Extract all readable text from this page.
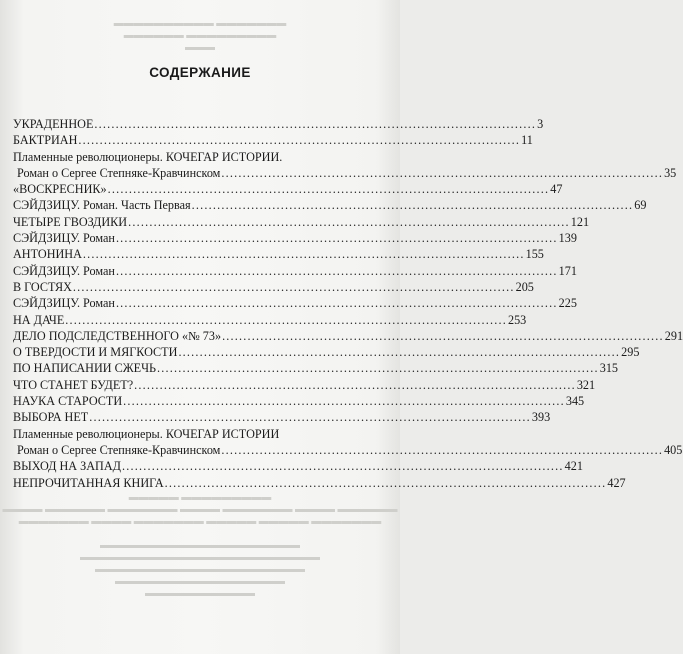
▬▬▬▬▬▬▬▬▬▬ ▬▬▬▬▬▬▬
▬▬▬▬▬▬ ▬▬▬▬▬▬▬▬▬
▬▬▬
СОДЕРЖАНИЕ
УКРАДЕННОЕ ........................................................................................................ 3
БАКТРИАН ........................................................................................................ 11
Пламенные революционеры. КОЧЕГАР ИСТОРИИ.
Роман о Сергее Степняке-Кравчинском ........................................................................................................ 35
«ВОСКРЕСНИК» ........................................................................................................ 47
СЭЙДЗИЦУ. Роман. Часть Первая ........................................................................................................ 69
ЧЕТЫРЕ ГВОЗДИКИ ........................................................................................................ 121
СЭЙДЗИЦУ. Роман ........................................................................................................ 139
АНТОНИНА ........................................................................................................ 155
СЭЙДЗИЦУ. Роман ........................................................................................................ 171
В ГОСТЯХ ........................................................................................................ 205
СЭЙДЗИЦУ. Роман ........................................................................................................ 225
НА ДАЧЕ ........................................................................................................ 253
ДЕЛО ПОДСЛЕДСТВЕННОГО «№ 73» ........................................................................................................ 291
О ТВЕРДОСТИ И МЯГКОСТИ ........................................................................................................ 295
ПО НАПИСАНИИ СЖЕЧЬ ........................................................................................................ 315
ЧТО СТАНЕТ БУДЕТ? ........................................................................................................ 321
НАУКА СТАРОСТИ ........................................................................................................ 345
ВЫБОРА НЕТ ........................................................................................................ 393
Пламенные революционеры. КОЧЕГАР ИСТОРИИ
Роман о Сергее Степняке-Кравчинском ........................................................................................................ 405
ВЫХОД НА ЗАПАД ........................................................................................................ 421
НЕПРОЧИТАННАЯ КНИГА ........................................................................................................ 427
▬▬▬▬▬ ▬▬▬▬▬▬▬▬▬
▬▬▬▬ ▬▬▬▬▬▬ ▬▬▬▬▬▬▬ ▬▬▬▬ ▬▬▬▬▬▬▬ ▬▬▬▬ ▬▬▬▬▬▬
▬▬▬▬▬▬▬ ▬▬▬▬ ▬▬▬▬▬▬▬ ▬▬▬▬▬ ▬▬▬▬▬ ▬▬▬▬▬▬▬

▬▬▬▬▬▬▬▬▬▬▬▬▬▬▬▬▬▬▬▬
▬▬▬▬▬▬▬▬▬▬▬▬▬▬▬▬▬▬▬▬▬▬▬▬
▬▬▬▬▬▬▬▬▬▬▬▬▬▬▬▬▬▬▬▬▬
▬▬▬▬▬▬▬▬▬▬▬▬▬▬▬▬▬
▬▬▬▬▬▬▬▬▬▬▬
